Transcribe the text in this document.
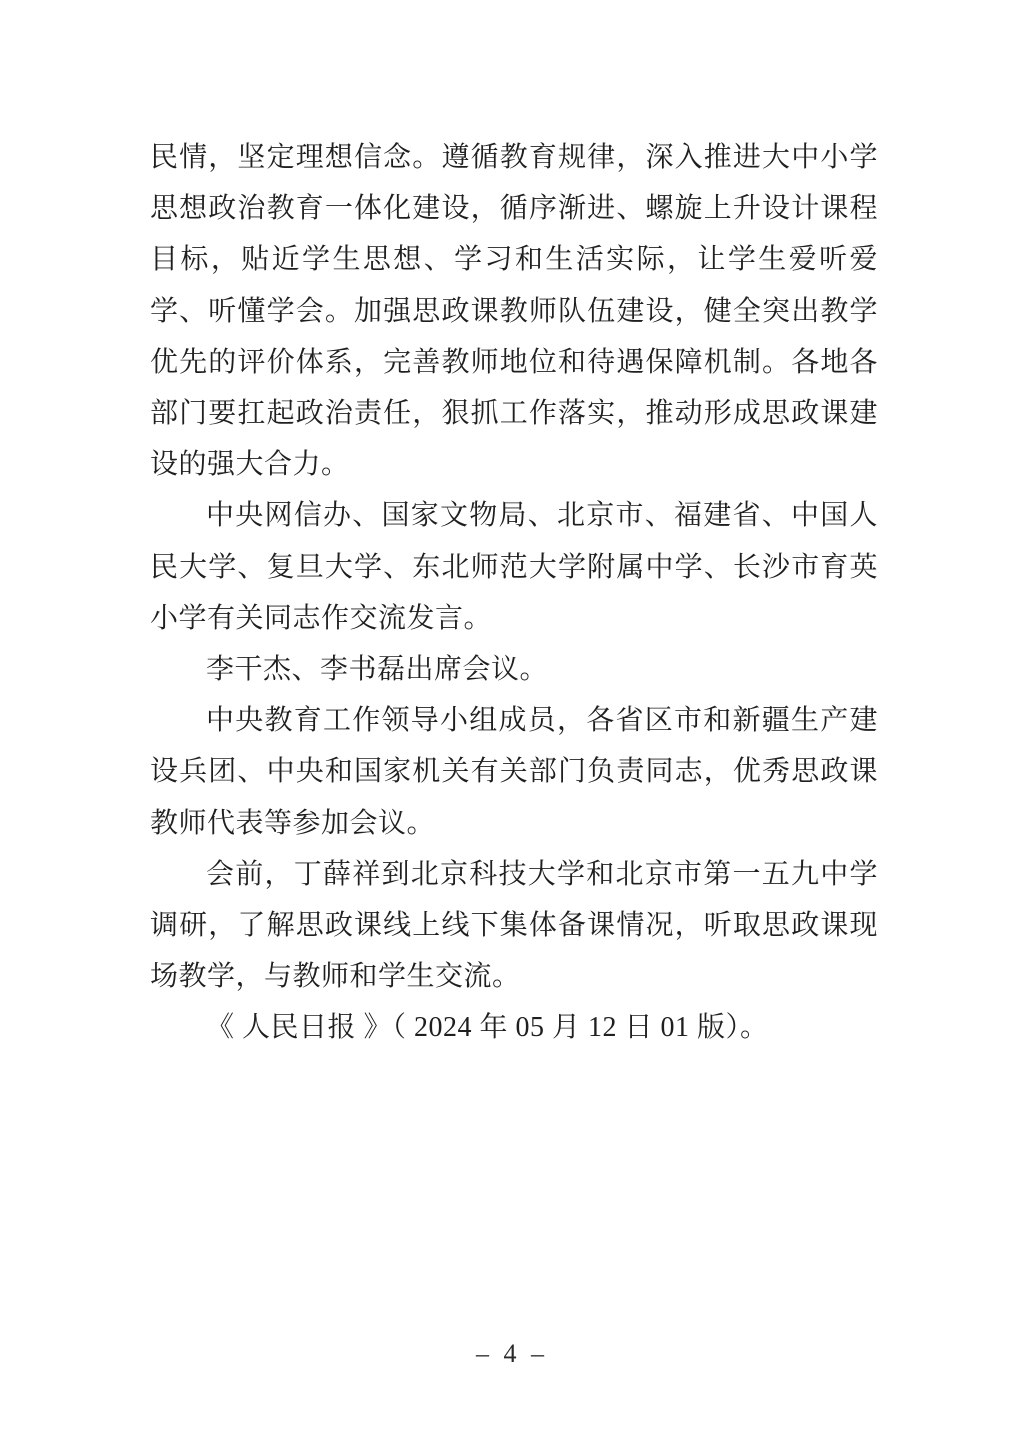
民情，坚定理想信念。遵循教育规律，深入推进大中小学思想政治教育一体化建设，循序渐进、螺旋上升设计课程目标，贴近学生思想、学习和生活实际，让学生爱听爱学、听懂学会。加强思政课教师队伍建设，健全突出教学优先的评价体系，完善教师地位和待遇保障机制。各地各部门要扛起政治责任，狠抓工作落实，推动形成思政课建设的强大合力。

中央网信办、国家文物局、北京市、福建省、中国人民大学、复旦大学、东北师范大学附属中学、长沙市育英小学有关同志作交流发言。

李干杰、李书磊出席会议。

中央教育工作领导小组成员，各省区市和新疆生产建设兵团、中央和国家机关有关部门负责同志，优秀思政课教师代表等参加会议。

会前，丁薛祥到北京科技大学和北京市第一五九中学调研，了解思政课线上线下集体备课情况，听取思政课现场教学，与教师和学生交流。

《 人民日报 》（ 2024 年 05 月 12 日 01 版）。

– 4 –
